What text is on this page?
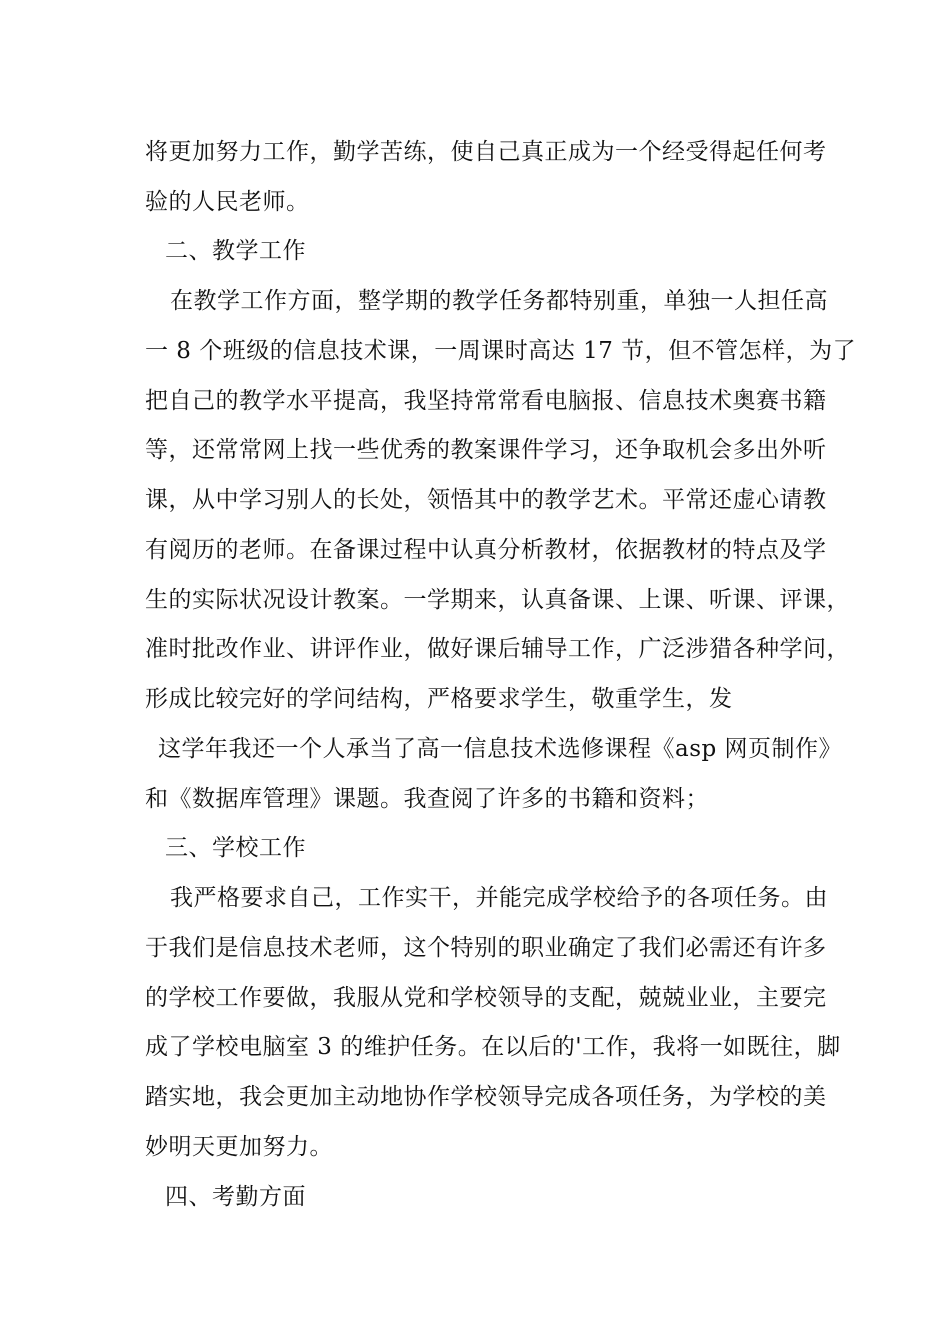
将更加努力工作，勤学苦练，使自己真正成为一个经受得起任何考
验的人民老师。
二、教学工作
在教学工作方面，整学期的教学任务都特别重，单独一人担任高
一 8 个班级的信息技术课，一周课时高达 17 节，但不管怎样，为了
把自己的教学水平提高，我坚持常常看电脑报、信息技术奥赛书籍
等，还常常网上找一些优秀的教案课件学习，还争取机会多出外听
课，从中学习别人的长处，领悟其中的教学艺术。平常还虚心请教
有阅历的老师。在备课过程中认真分析教材，依据教材的特点及学
生的实际状况设计教案。一学期来，认真备课、上课、听课、评课，
准时批改作业、讲评作业，做好课后辅导工作，广泛涉猎各种学问，
形成比较完好的学问结构，严格要求学生，敬重学生，发
这学年我还一个人承当了高一信息技术选修课程《asp 网页制作》
和《数据库管理》课题。我查阅了许多的书籍和资料；
三、学校工作
我严格要求自己，工作实干，并能完成学校给予的各项任务。由
于我们是信息技术老师，这个特别的职业确定了我们必需还有许多
的学校工作要做，我服从党和学校领导的支配，兢兢业业，主要完
成了学校电脑室 3 的维护任务。在以后的'工作，我将一如既往，脚
踏实地，我会更加主动地协作学校领导完成各项任务，为学校的美
妙明天更加努力。
四、考勤方面
